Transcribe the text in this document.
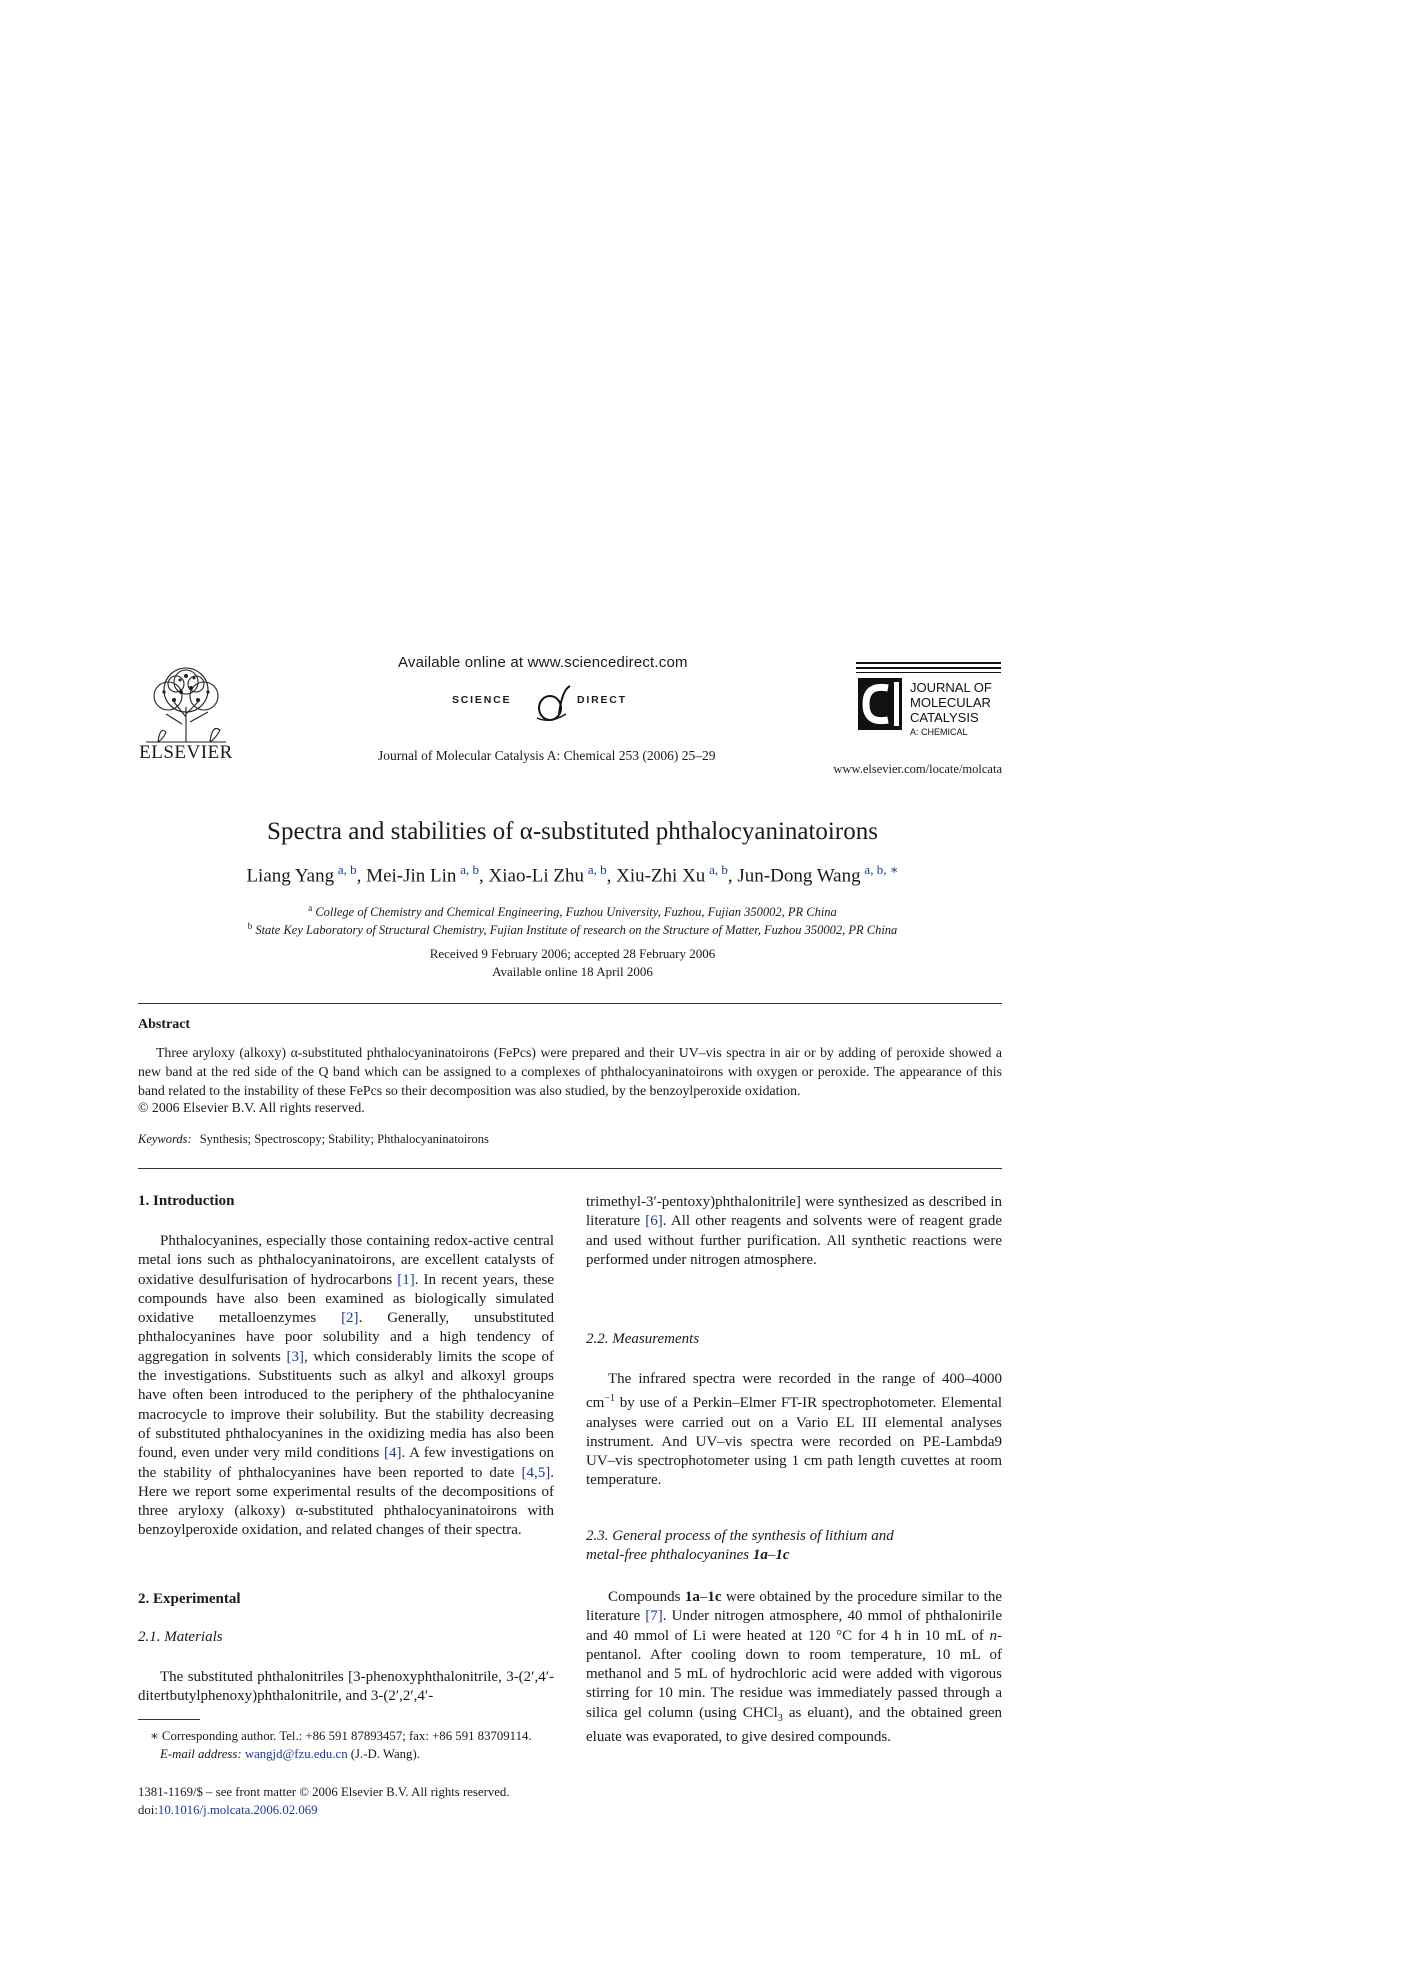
ELSEVIER
Available online at www.sciencedirect.com
SCIENCE	DIRECT
Journal of Molecular Catalysis A: Chemical 253 (2006) 25–29
JOURNAL OF
MOLECULAR
CATALYSIS
A: CHEMICAL
www.elsevier.com/locate/molcata
Spectra and stabilities of α-substituted phthalocyaninatoirons
Liang Yang  $^{a, b}$, Mei-Jin Lin  $^{a, b}$, Xiao-Li Zhu  $^{a, b}$, Xiu-Zhi Xu  $^{a, b}$, Jun-Dong Wang  $^{a, b, ∗}$
$^a$ College of Chemistry and Chemical Engineering, Fuzhou University, Fuzhou, Fujian 350002, PR China
$^b$ State Key Laboratory of Structural Chemistry, Fujian Institute of research on the Structure of Matter, Fuzhou 350002, PR China
Received 9 February 2006; accepted 28 February 2006
Available online 18 April 2006
Abstract
Three aryloxy (alkoxy) α-substituted phthalocyaninatoirons (FePcs) were prepared and their UV–vis spectra in air or by adding of peroxide showed a new band at the red side of the Q band which can be assigned to a complexes of phthalocyaninatoirons with oxygen or peroxide. The appearance of this band related to the instability of these FePcs so their decomposition was also studied, by the benzoylperoxide oxidation.
© 2006 Elsevier B.V. All rights reserved.
Keywords: Synthesis; Spectroscopy; Stability; Phthalocyaninatoirons
1. Introduction

Phthalocyanines, especially those containing redox-active central metal ions such as phthalocyaninatoirons, are excellent catalysts of oxidative desulfurisation of hydrocarbons [1]. In recent years, these compounds have also been examined as biologically simulated oxidative metalloenzymes [2]. Generally, unsubstituted phthalocyanines have poor solubility and a high tendency of aggregation in solvents [3], which considerably limits the scope of the investigations. Substituents such as alkyl and alkoxyl groups have often been introduced to the periphery of the phthalocyanine macrocycle to improve their solubility. But the stability decreasing of substituted phthalocyanines in the oxidizing media has also been found, even under very mild conditions [4]. A few investigations on the stability of phthalocyanines have been reported to date [4,5]. Here we report some experimental results of the decompositions of three aryloxy (alkoxy) α-substituted phthalocyaninatoirons with benzoylperoxide oxidation, and related changes of their spectra.

2. Experimental
2.1. Materials

The substituted phthalonitriles [3-phenoxyphthalonitrile, 3-(2′,4′-ditertbutylphenoxy)phthalonitrile, and 3-(2′,2′,4′-

∗ Corresponding author. Tel.: +86 591 87893457; fax: +86 591 83709114.
E-mail address: wangjd@fzu.edu.cn (J.-D. Wang).
1381-1169/$ – see front matter © 2006 Elsevier B.V. All rights reserved.
doi:10.1016/j.molcata.2006.02.069

trimethyl-3′-pentoxy)phthalonitrile] were synthesized as described in literature [6]. All other reagents and solvents were of reagent grade and used without further purification. All synthetic reactions were performed under nitrogen atmosphere.

2.2. Measurements

The infrared spectra were recorded in the range of 400–4000 $cm^{-1}$ by use of a Perkin–Elmer FT-IR spectrophotometer. Elemental analyses were carried out on a Vario EL III elemental analyses instrument. And UV–vis spectra were recorded on PE-Lambda9 UV–vis spectrophotometer using 1 cm path length cuvettes at room temperature.

2.3. General process of the synthesis of lithium and
metal-free phthalocyanines 1a–1c

Compounds 1a–1c were obtained by the procedure similar to the literature [7]. Under nitrogen atmosphere, 40 mmol of phthalonirile and 40 mmol of Li were heated at 120 °C for 4 h in 10 mL of n-pentanol. After cooling down to room temperature, 10 mL of methanol and 5 mL of hydrochloric acid were added with vigorous stirring for 10 min. The residue was immediately passed through a silica gel column (using CHCl$_3$ as eluant), and the obtained green eluate was evaporated, to give desired compounds.
